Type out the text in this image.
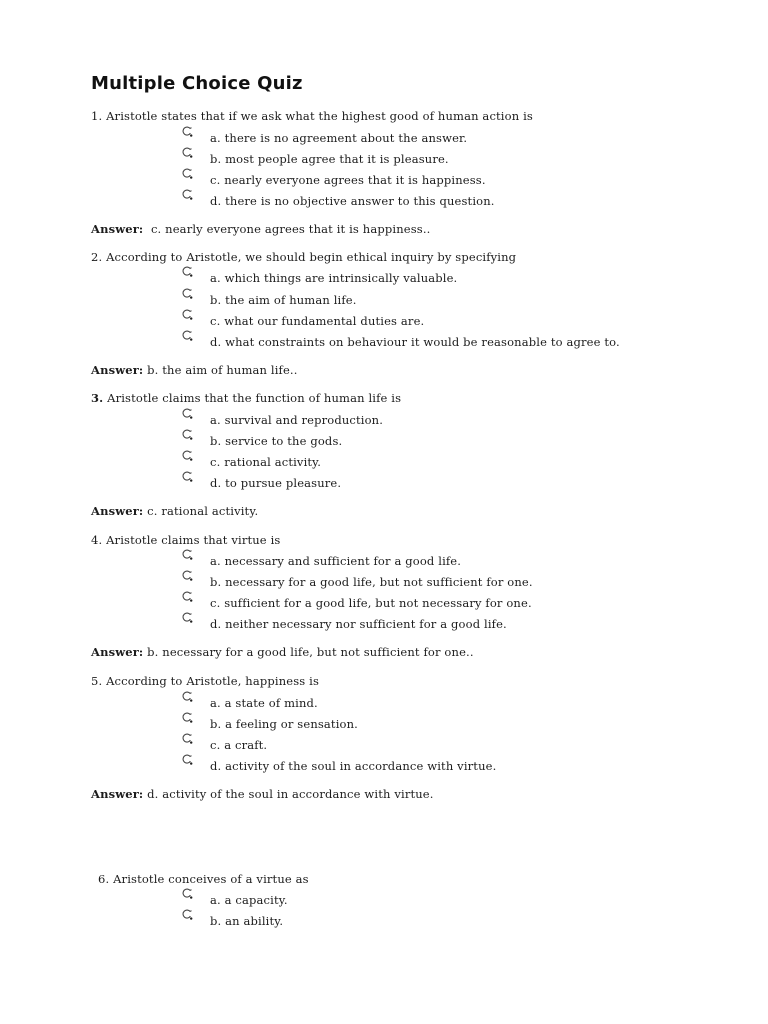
Multiple Choice Quiz
1. Aristotle states that if we ask what the highest good of human action is
a. there is no agreement about the answer.
b. most people agree that it is pleasure.
c. nearly everyone agrees that it is happiness.
d. there is no objective answer to this question.
Answer: c. nearly everyone agrees that it is happiness..
2. According to Aristotle, we should begin ethical inquiry by specifying
a. which things are intrinsically valuable.
b. the aim of human life.
c. what our fundamental duties are.
d. what constraints on behaviour it would be reasonable to agree to.
Answer: b. the aim of human life..
3. Aristotle claims that the function of human life is
a. survival and reproduction.
b. service to the gods.
c. rational activity.
d. to pursue pleasure.
Answer: c. rational activity.
4. Aristotle claims that virtue is
a. necessary and sufficient for a good life.
b. necessary for a good life, but not sufficient for one.
c. sufficient for a good life, but not necessary for one.
d. neither necessary nor sufficient for a good life.
Answer: b. necessary for a good life, but not sufficient for one..
5. According to Aristotle, happiness is
a. a state of mind.
b. a feeling or sensation.
c. a craft.
d. activity of the soul in accordance with virtue.
Answer: d. activity of the soul in accordance with virtue.
6. Aristotle conceives of a virtue as
a. a capacity.
b. an ability.
